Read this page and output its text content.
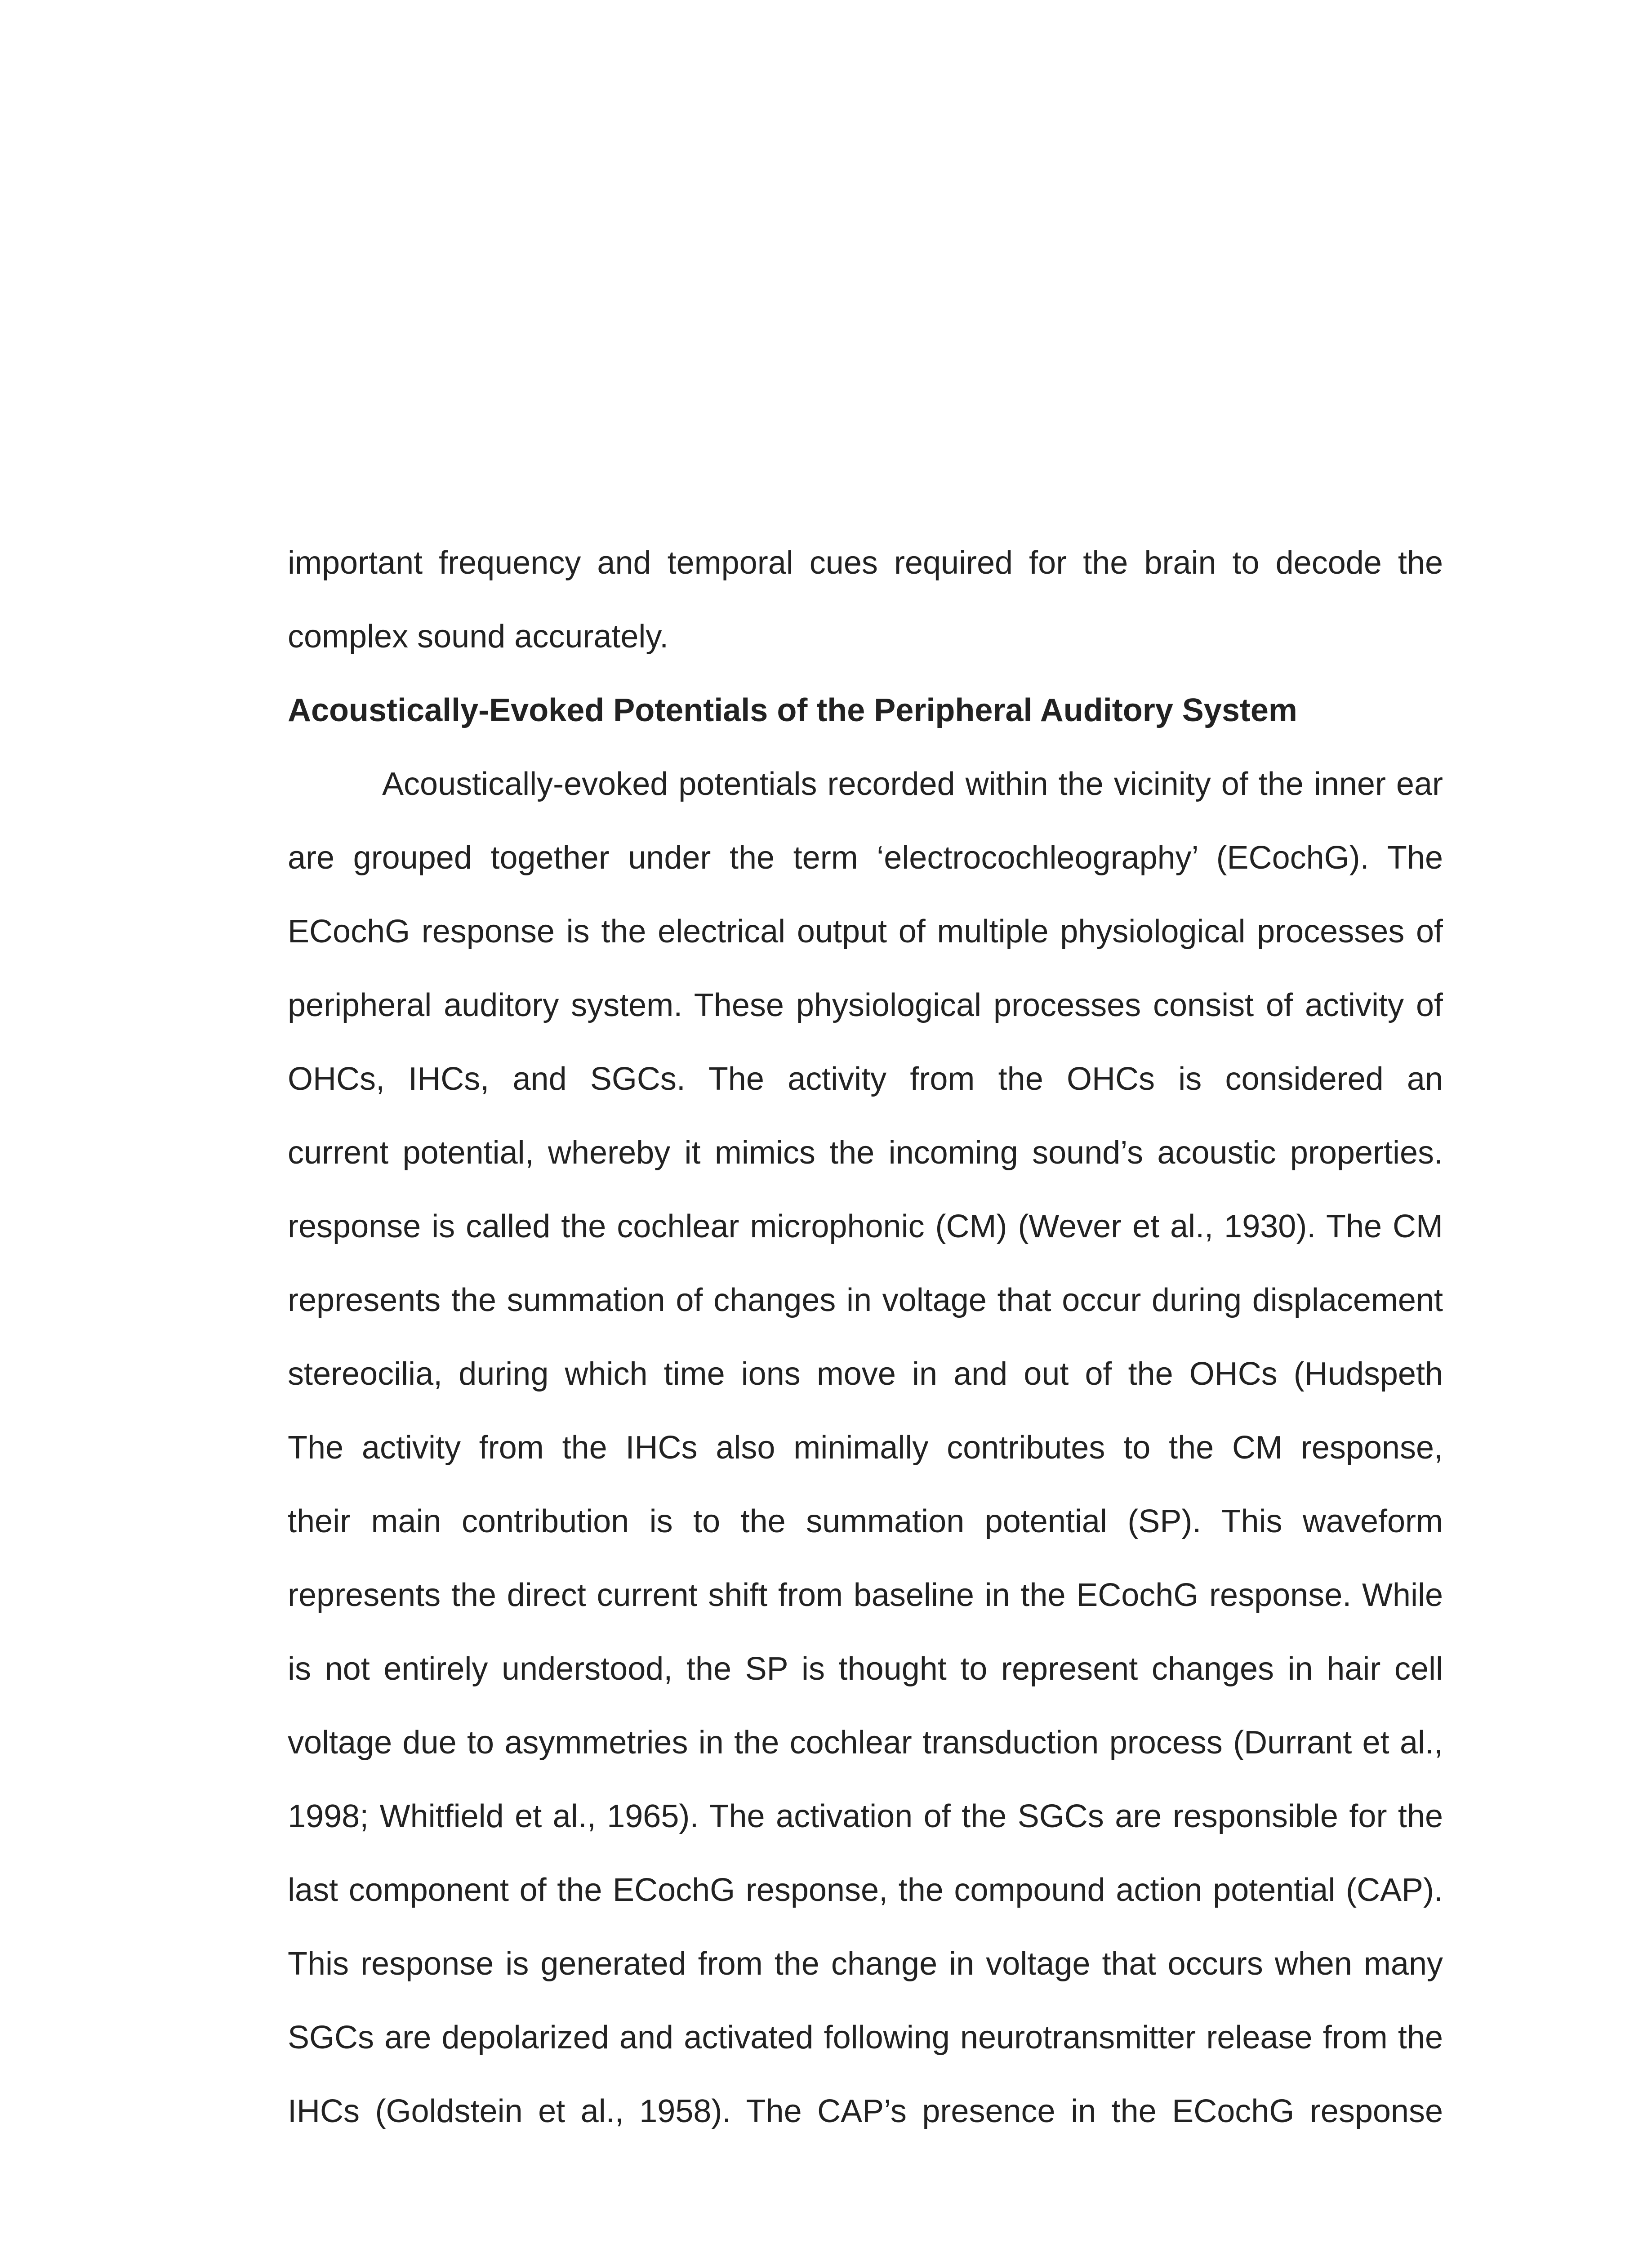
important frequency and temporal cues required for the brain to decode the
complex sound accurately.
Acoustically-Evoked Potentials of the Peripheral Auditory System
Acoustically-evoked potentials recorded within the vicinity of the inner ear
are grouped together under the term ‘electrocochleography’ (ECochG). The
ECochG response is the electrical output of multiple physiological processes of
peripheral auditory system. These physiological processes consist of activity of
OHCs, IHCs, and SGCs. The activity from the OHCs is considered an
current potential, whereby it mimics the incoming sound’s acoustic properties.
response is called the cochlear microphonic (CM) (Wever et al., 1930). The CM
represents the summation of changes in voltage that occur during displacement
stereocilia, during which time ions move in and out of the OHCs (Hudspeth
The activity from the IHCs also minimally contributes to the CM response,
their main contribution is to the summation potential (SP). This waveform
represents the direct current shift from baseline in the ECochG response. While
is not entirely understood, the SP is thought to represent changes in hair cell
voltage due to asymmetries in the cochlear transduction process (Durrant et al.,
1998; Whitfield et al., 1965). The activation of the SGCs are responsible for the
last component of the ECochG response, the compound action potential (CAP).
This response is generated from the change in voltage that occurs when many
SGCs are depolarized and activated following neurotransmitter release from the
IHCs (Goldstein et al., 1958). The CAP’s presence in the ECochG response
